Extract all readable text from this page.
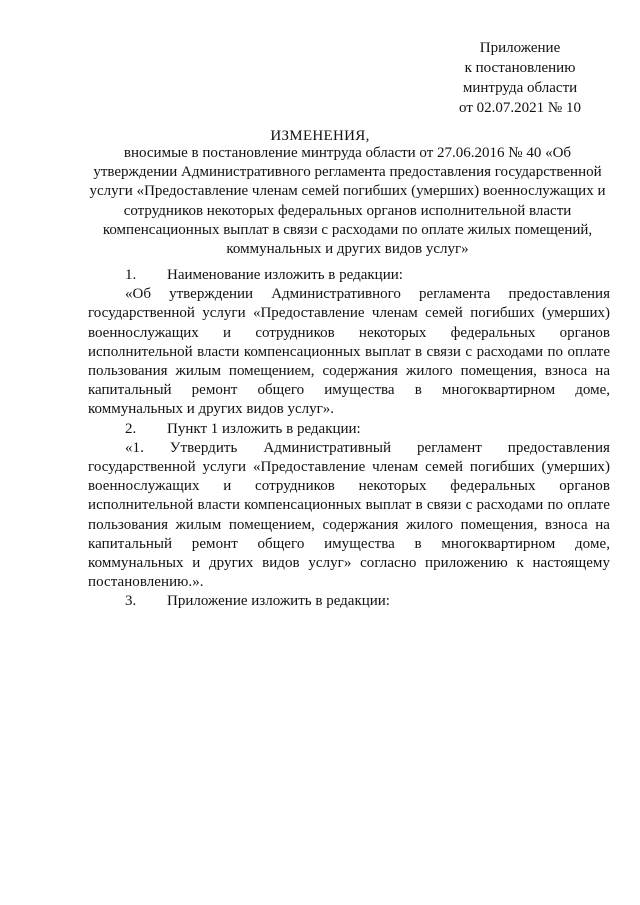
Приложение
к постановлению
минтруда области
от 02.07.2021 № 10
ИЗМЕНЕНИЯ,
вносимые в постановление минтруда области от 27.06.2016 № 40 «Об утверждении Административного регламента предоставления государственной услуги «Предоставление членам семей погибших (умерших) военнослужащих и сотрудников некоторых федеральных органов исполнительной власти компенсационных выплат в связи с расходами по оплате жилых помещений, коммунальных и других видов услуг»

1. Наименование изложить в редакции:

«Об утверждении Административного регламента предоставления государственной услуги «Предоставление членам семей погибших (умерших) военнослужащих и сотрудников некоторых федеральных органов исполнительной власти компенсационных выплат в связи с расходами по оплате пользования жилым помещением, содержания жилого помещения, взноса на капитальный ремонт общего имущества в многоквартирном доме, коммунальных и других видов услуг».

2. Пункт 1 изложить в редакции:

«1. Утвердить Административный регламент предоставления государственной услуги «Предоставление членам семей погибших (умерших) военнослужащих и сотрудников некоторых федеральных органов исполнительной власти компенсационных выплат в связи с расходами по оплате пользования жилым помещением, содержания жилого помещения, взноса на капитальный ремонт общего имущества в многоквартирном доме, коммунальных и других видов услуг» согласно приложению к настоящему постановлению.».

3. Приложение изложить в редакции:
